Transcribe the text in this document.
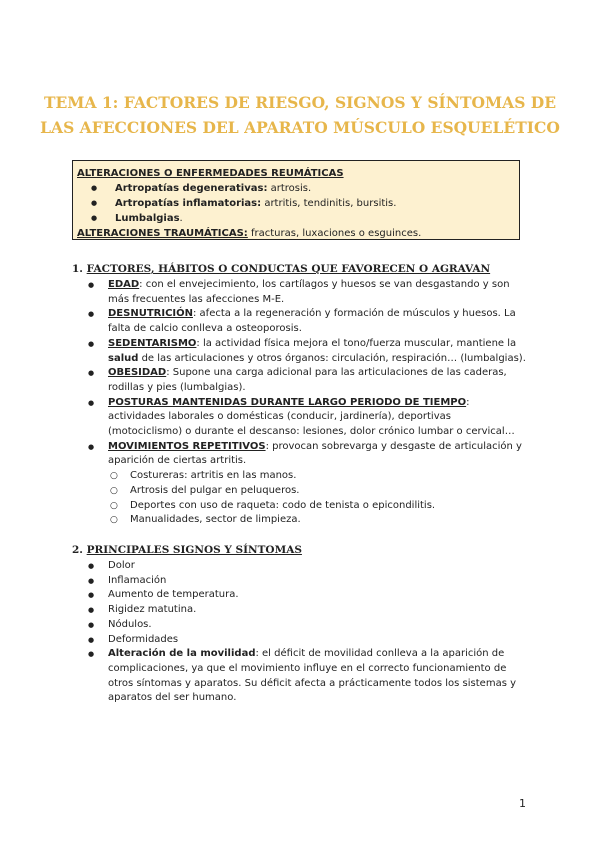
TEMA 1: FACTORES DE RIESGO, SIGNOS Y SÍNTOMAS DE
LAS AFECCIONES DEL APARATO MÚSCULO ESQUELÉTICO
ALTERACIONES O ENFERMEDADES REUMÁTICAS
● Artropatías degenerativas: artrosis.
● Artropatías inflamatorias: artritis, tendinitis, bursitis.
● Lumbalgias.
ALTERACIONES TRAUMÁTICAS: fracturas, luxaciones o esguinces.
1. FACTORES, HÁBITOS O CONDUCTAS QUE FAVORECEN O AGRAVAN
● EDAD: con el envejecimiento, los cartílagos y huesos se van desgastando y son más frecuentes las afecciones M-E.
● DESNUTRICIÓN: afecta a la regeneración y formación de músculos y huesos. La falta de calcio conlleva a osteoporosis.
● SEDENTARISMO: la actividad física mejora el tono/fuerza muscular, mantiene la salud de las articulaciones y otros órganos: circulación, respiración… (lumbalgias).
● OBESIDAD: Supone una carga adicional para las articulaciones de las caderas, rodillas y pies (lumbalgias).
● POSTURAS MANTENIDAS DURANTE LARGO PERIODO DE TIEMPO: actividades laborales o domésticas (conducir, jardinería), deportivas (motociclismo) o durante el descanso: lesiones, dolor crónico lumbar o cervical…
● MOVIMIENTOS REPETITIVOS: provocan sobrevarga y desgaste de articulación y aparición de ciertas artritis.
○ Costureras: artritis en las manos.
○ Artrosis del pulgar en peluqueros.
○ Deportes con uso de raqueta: codo de tenista o epicondilitis.
○ Manualidades, sector de limpieza.
2. PRINCIPALES SIGNOS Y SÍNTOMAS
● Dolor
● Inflamación
● Aumento de temperatura.
● Rigidez matutina.
● Nódulos.
● Deformidades
● Alteración de la movilidad: el déficit de movilidad conlleva a la aparición de complicaciones, ya que el movimiento influye en el correcto funcionamiento de otros síntomas y aparatos. Su déficit afecta a prácticamente todos los sistemas y aparatos del ser humano.
1
